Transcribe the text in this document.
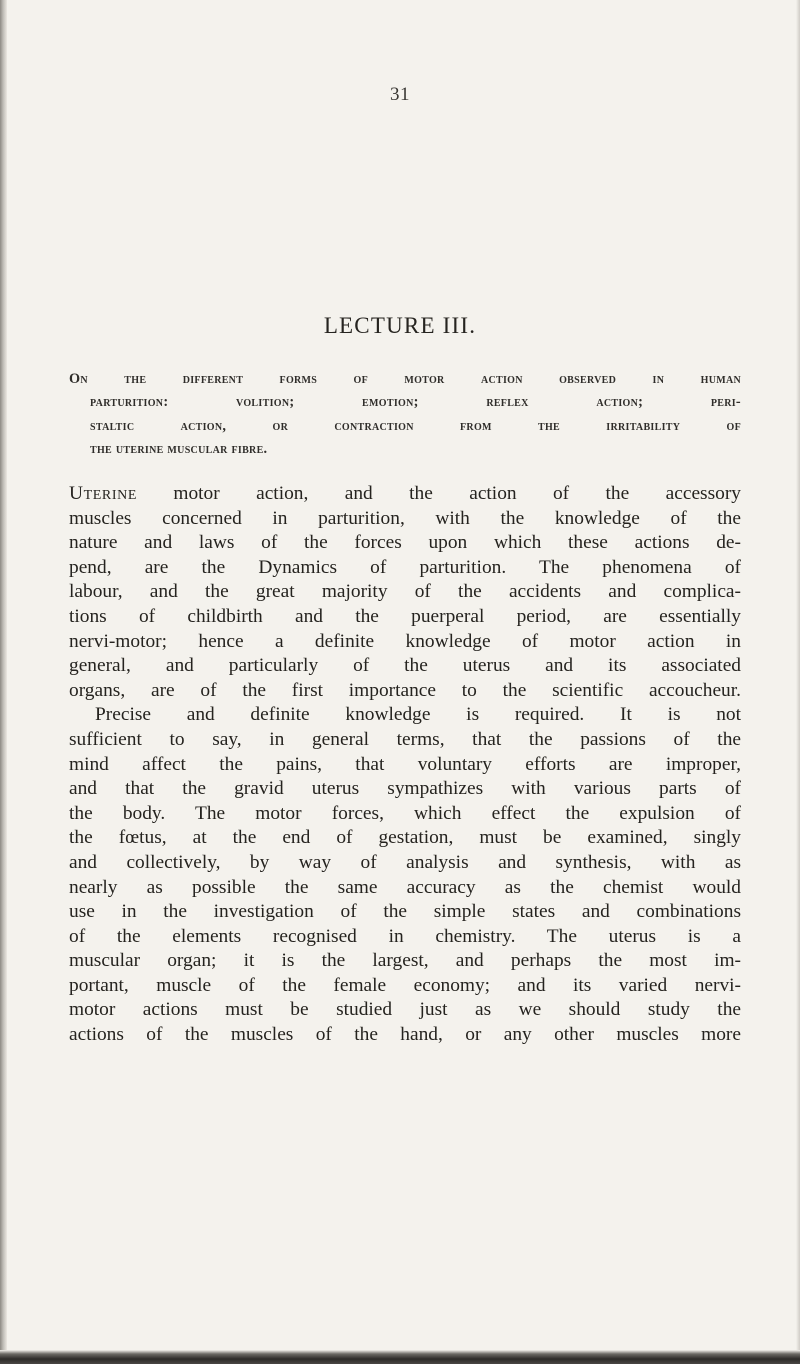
31
LECTURE III.

On the different forms of motor action observed in human
parturition: volition; emotion; reflex action; peri-
staltic action, or contraction from the irritability of
the uterine muscular fibre.

Uterine motor action, and the action of the accessory
muscles concerned in parturition, with the knowledge of the
nature and laws of the forces upon which these actions de-
pend, are the Dynamics of parturition. The phenomena of
labour, and the great majority of the accidents and complica-
tions of childbirth and the puerperal period, are essentially
nervi-motor; hence a definite knowledge of motor action in
general, and particularly of the uterus and its associated
organs, are of the first importance to the scientific accoucheur.
Precise and definite knowledge is required. It is not
sufficient to say, in general terms, that the passions of the
mind affect the pains, that voluntary efforts are improper,
and that the gravid uterus sympathizes with various parts of
the body. The motor forces, which effect the expulsion of
the fœtus, at the end of gestation, must be examined, singly
and collectively, by way of analysis and synthesis, with as
nearly as possible the same accuracy as the chemist would
use in the investigation of the simple states and combinations
of the elements recognised in chemistry. The uterus is a
muscular organ; it is the largest, and perhaps the most im-
portant, muscle of the female economy; and its varied nervi-
motor actions must be studied just as we should study the
actions of the muscles of the hand, or any other muscles more
